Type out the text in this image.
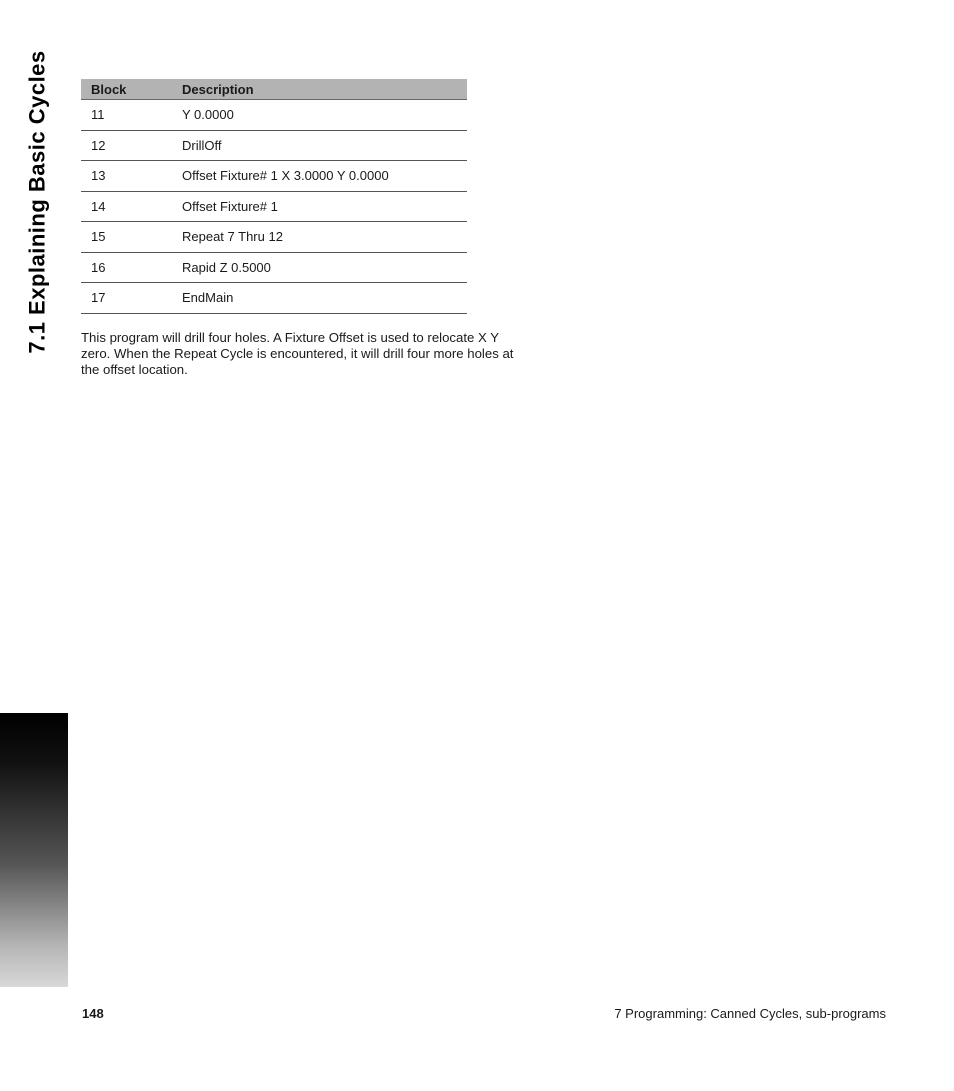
7.1 Explaining Basic Cycles	Block	Description
11	Y 0.0000
12	DrillOff
13	Offset Fixture# 1 X 3.0000 Y 0.0000
14	Offset Fixture# 1
15	Repeat 7 Thru 12
16	Rapid Z 0.5000
17	EndMain

This program will drill four holes. A Fixture Offset is used to relocate X Y zero. When the Repeat Cycle is encountered, it will drill four more holes at the offset location.

148	7 Programming: Canned Cycles, sub-programs
